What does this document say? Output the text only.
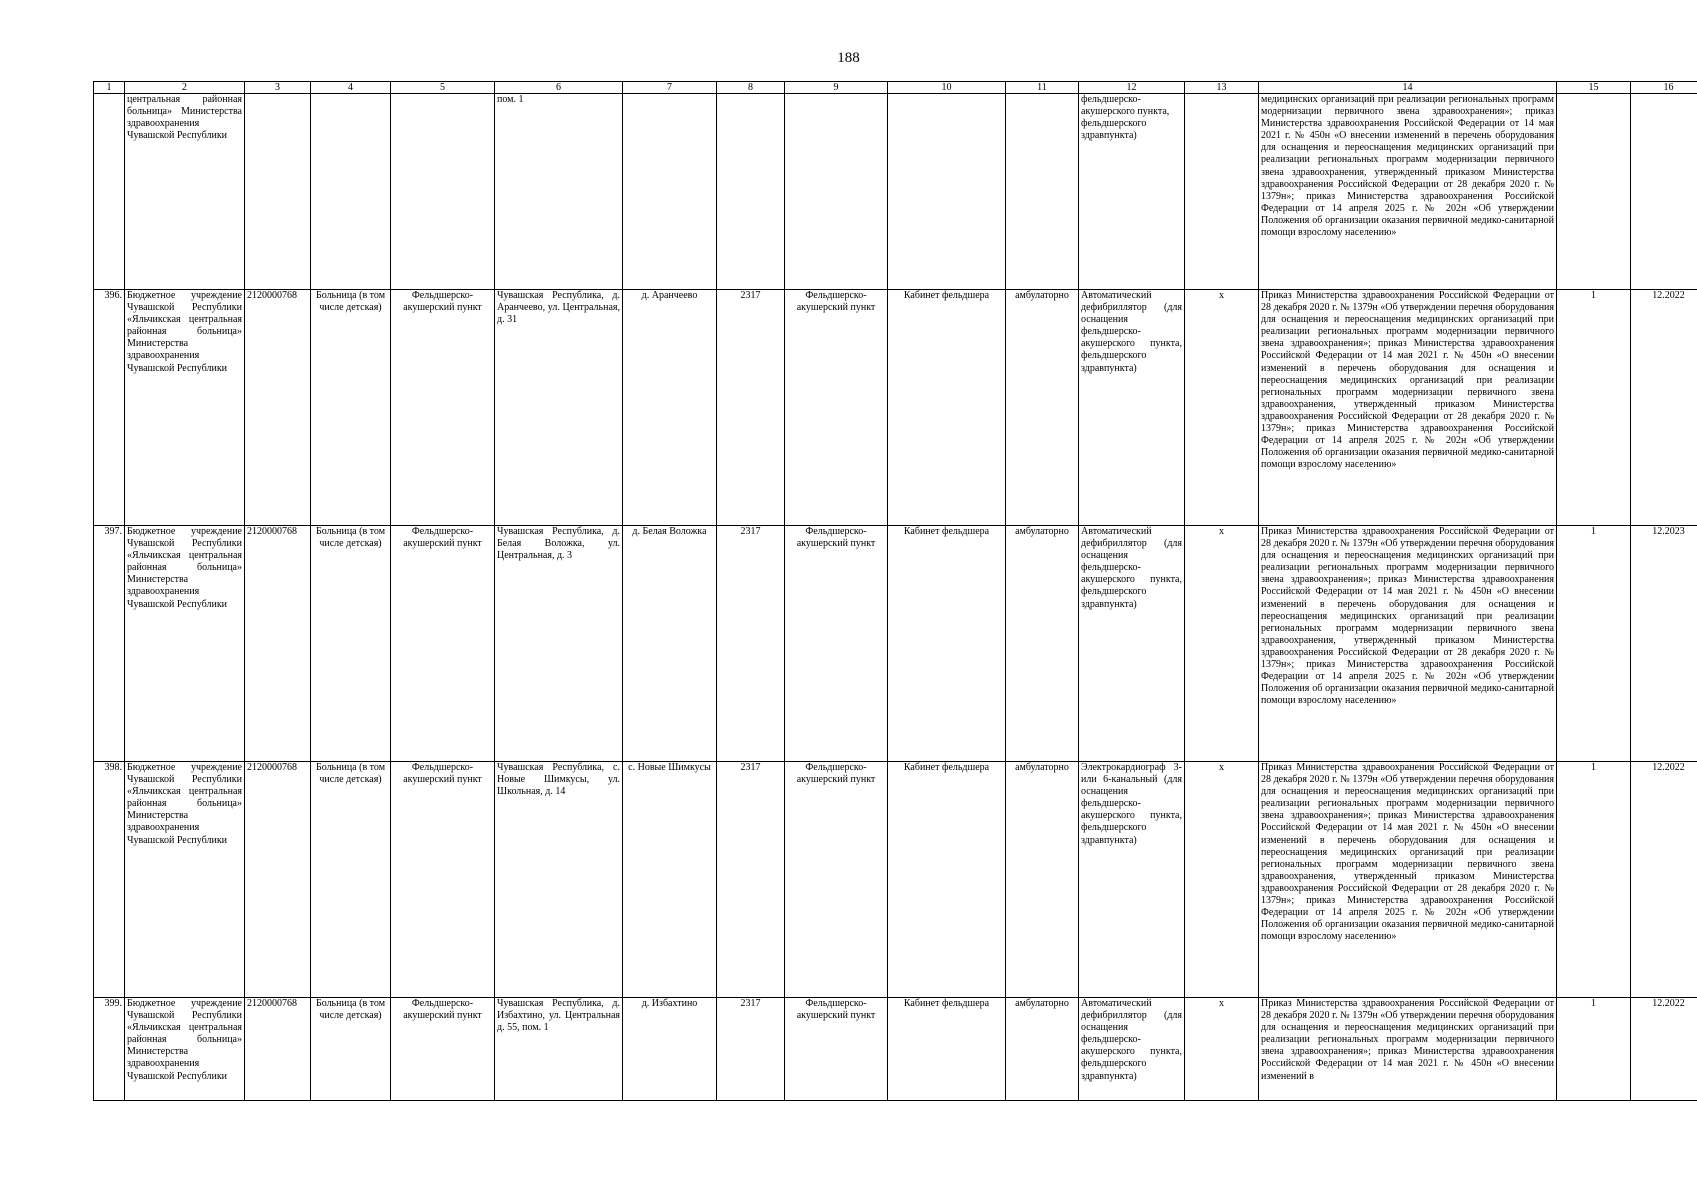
188
1	2	3	4	5	6	7	8	9	10	11	12	13	14	15	16
	центральная районная больница» Министерства здравоохранения Чувашской Республики				пом. 1						фельдшерско-акушерского пункта, фельдшерского здравпункта)		медицинских организаций при реализации региональных программ модернизации первичного звена здравоохранения»; приказ Министерства здравоохранения Российской Федерации от 14 мая 2021 г. № 450н «О внесении изменений в перечень оборудования для оснащения и переоснащения медицинских организаций при реализации региональных программ модернизации первичного звена здравоохранения, утвержденный приказом Министерства здравоохранения Российской Федерации от 28 декабря 2020 г. № 1379н»; приказ Министерства здравоохранения Российской Федерации от 14 апреля 2025 г. № 202н «Об утверждении Положения об организации оказания первичной медико-санитарной помощи взрослому населению»		
396.	Бюджетное учреждение Чувашской Республики «Яльчикская центральная районная больница» Министерства здравоохранения Чувашской Республики	2120000768	Больница (в том числе детская)	Фельдшерско-акушерский пункт	Чувашская Республика, д. Аранчеево, ул. Центральная, д. 31	д. Аранчеево	2317	Фельдшерско-акушерский пункт	Кабинет фельдшера	амбулаторно	Автоматический дефибриллятор (для оснащения фельдшерско-акушерского пункта, фельдшерского здравпункта)	х	Приказ Министерства здравоохранения Российской Федерации от 28 декабря 2020 г. № 1379н «Об утверждении перечня оборудования для оснащения и переоснащения медицинских организаций при реализации региональных программ модернизации первичного звена здравоохранения»; приказ Министерства здравоохранения Российской Федерации от 14 мая 2021 г. № 450н «О внесении изменений в перечень оборудования для оснащения и переоснащения медицинских организаций при реализации региональных программ модернизации первичного звена здравоохранения, утвержденный приказом Министерства здравоохранения Российской Федерации от 28 декабря 2020 г. № 1379н»; приказ Министерства здравоохранения Российской Федерации от 14 апреля 2025 г. № 202н «Об утверждении Положения об организации оказания первичной медико-санитарной помощи взрослому населению»	1	12.2022
397.	Бюджетное учреждение Чувашской Республики «Яльчикская центральная районная больница» Министерства здравоохранения Чувашской Республики	2120000768	Больница (в том числе детская)	Фельдшерско-акушерский пункт	Чувашская Республика, д. Белая Воложка, ул. Центральная, д. 3	д. Белая Воложка	2317	Фельдшерско-акушерский пункт	Кабинет фельдшера	амбулаторно	Автоматический дефибриллятор (для оснащения фельдшерско-акушерского пункта, фельдшерского здравпункта)	х	Приказ Министерства здравоохранения Российской Федерации от 28 декабря 2020 г. № 1379н «Об утверждении перечня оборудования для оснащения и переоснащения медицинских организаций при реализации региональных программ модернизации первичного звена здравоохранения»; приказ Министерства здравоохранения Российской Федерации от 14 мая 2021 г. № 450н «О внесении изменений в перечень оборудования для оснащения и переоснащения медицинских организаций при реализации региональных программ модернизации первичного звена здравоохранения, утвержденный приказом Министерства здравоохранения Российской Федерации от 28 декабря 2020 г. № 1379н»; приказ Министерства здравоохранения Российской Федерации от 14 апреля 2025 г. № 202н «Об утверждении Положения об организации оказания первичной медико-санитарной помощи взрослому населению»	1	12.2023
398.	Бюджетное учреждение Чувашской Республики «Яльчикская центральная районная больница» Министерства здравоохранения Чувашской Республики	2120000768	Больница (в том числе детская)	Фельдшерско-акушерский пункт	Чувашская Республика, с. Новые Шимкусы, ул. Школьная, д. 14	с. Новые Шимкусы	2317	Фельдшерско-акушерский пункт	Кабинет фельдшера	амбулаторно	Электрокардиограф 3- или 6-канальный (для оснащения фельдшерско-акушерского пункта, фельдшерского здравпункта)	х	Приказ Министерства здравоохранения Российской Федерации от 28 декабря 2020 г. № 1379н «Об утверждении перечня оборудования для оснащения и переоснащения медицинских организаций при реализации региональных программ модернизации первичного звена здравоохранения»; приказ Министерства здравоохранения Российской Федерации от 14 мая 2021 г. № 450н «О внесении изменений в перечень оборудования для оснащения и переоснащения медицинских организаций при реализации региональных программ модернизации первичного звена здравоохранения, утвержденный приказом Министерства здравоохранения Российской Федерации от 28 декабря 2020 г. № 1379н»; приказ Министерства здравоохранения Российской Федерации от 14 апреля 2025 г. № 202н «Об утверждении Положения об организации оказания первичной медико-санитарной помощи взрослому населению»	1	12.2022
399.	Бюджетное учреждение Чувашской Республики «Яльчикская центральная районная больница» Министерства здравоохранения Чувашской Республики	2120000768	Больница (в том числе детская)	Фельдшерско-акушерский пункт	Чувашская Республика, д. Избахтино, ул. Центральная д. 55, пом. 1	д. Избахтино	2317	Фельдшерско-акушерский пункт	Кабинет фельдшера	амбулаторно	Автоматический дефибриллятор (для оснащения фельдшерско-акушерского пункта, фельдшерского здравпункта)	х	Приказ Министерства здравоохранения Российской Федерации от 28 декабря 2020 г. № 1379н «Об утверждении перечня оборудования для оснащения и переоснащения медицинских организаций при реализации региональных программ модернизации первичного звена здравоохранения»; приказ Министерства здравоохранения Российской Федерации от 14 мая 2021 г. № 450н «О внесении изменений в	1	12.2022
